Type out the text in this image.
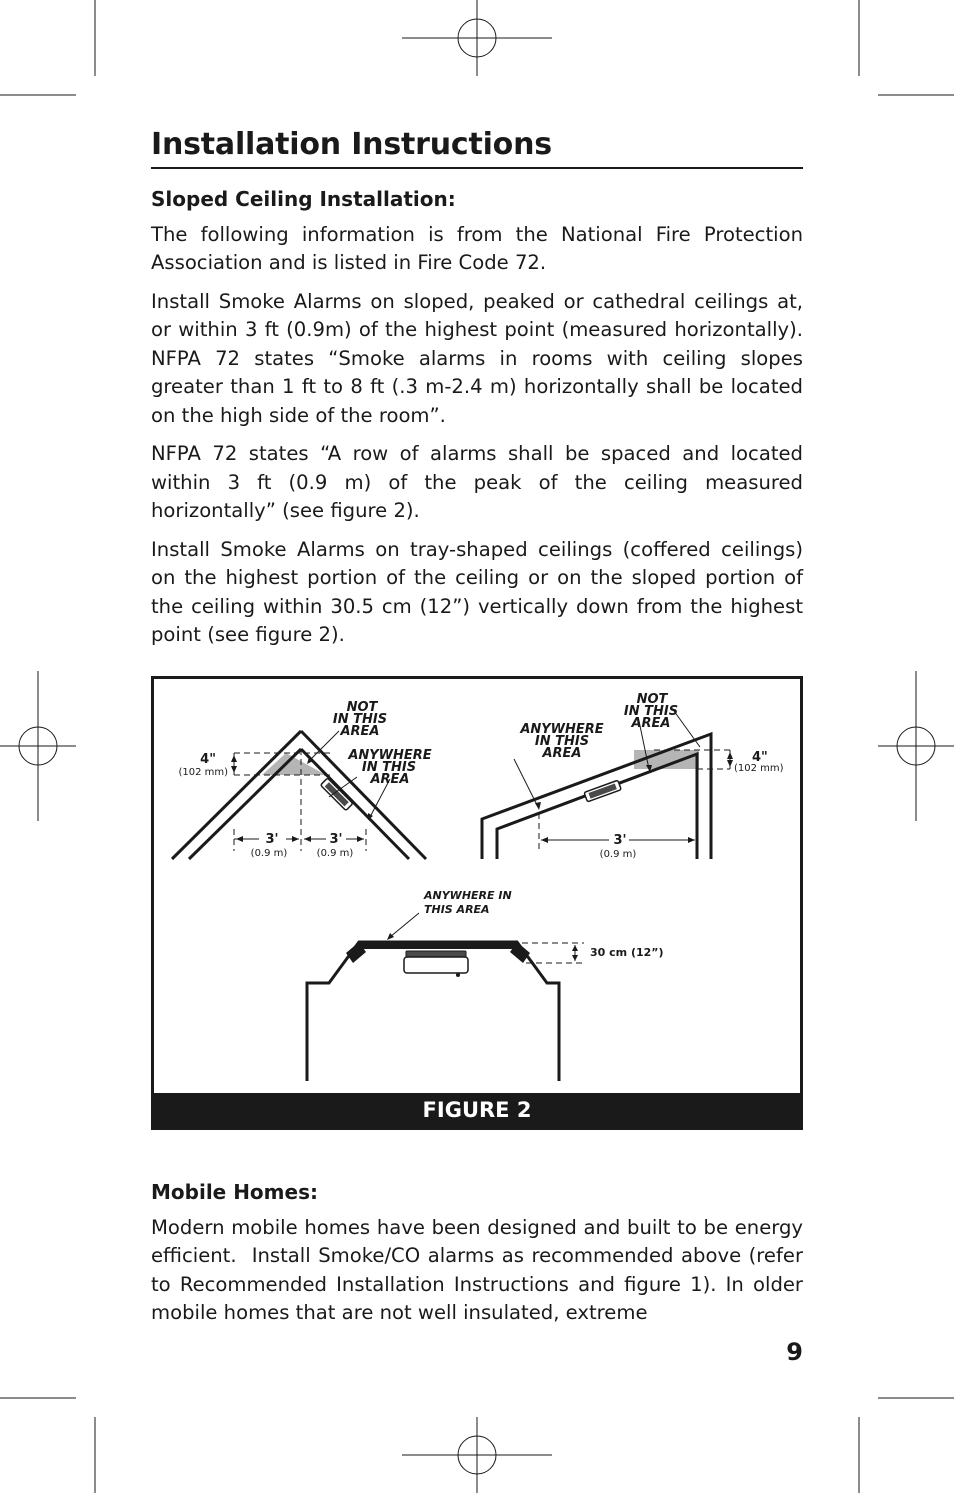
Installation Instructions
Sloped Ceiling Installation:

The following information is from the National Fire Protection Association and is listed in Fire Code 72.

Install Smoke Alarms on sloped, peaked or cathedral ceilings at, or within 3 ft (0.9m) of the highest point (measured horizontally). NFPA 72 states “Smoke alarms in rooms with ceiling slopes greater than 1 ft to 8 ft (.3 m-2.4 m) horizontally shall be located on the high side of the room”.

NFPA 72 states “A row of alarms shall be spaced and located within 3 ft (0.9 m) of the peak of the ceiling measured horizontally” (see figure 2).

Install Smoke Alarms on tray-shaped ceilings (coffered ceilings) on the highest portion of the ceiling or on the sloped portion of the ceiling within 30.5 cm (12”) vertically down from the highest point (see figure 2).

NOT
IN THIS
AREA
ANYWHERE
IN THIS
AREA
4"
(102 mm)
3'
(0.9 m)
3'
(0.9 m)
NOT
IN THIS
AREA
ANYWHERE
IN THIS
AREA	4"
(102 mm)
3'
(0.9 m)
ANYWHERE IN
THIS AREA
30 cm (12”)
FIGURE 2
Mobile Homes:

Modern mobile homes have been designed and built to be energy efficient.  Install Smoke/CO alarms as recommended above (refer to Recommended Installation Instructions and figure 1). In older mobile homes that are not well insulated, extreme

9
